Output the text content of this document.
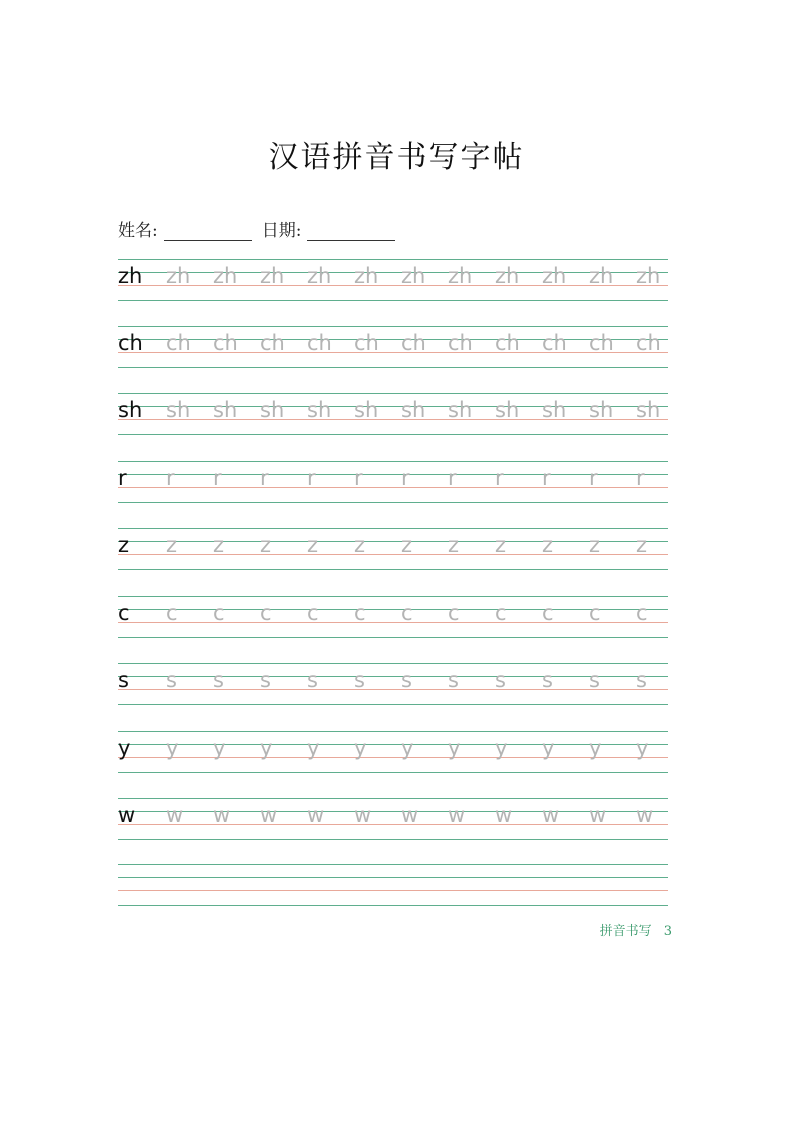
汉语拼音书写字帖
姓名:	日期:
zh zh zh zh zh zh zh zh zh zh zh zh
ch ch ch ch ch ch ch ch ch ch ch ch
sh sh sh sh sh sh sh sh sh sh sh sh
r r r r r r r r r r r r
z z z z z z z z z z z z
c c c c c c c c c c c c
s s s s s s s s s s s s
y y y y y y y y y y y y
w w w w w w w w w w w w
拼音书写 3
